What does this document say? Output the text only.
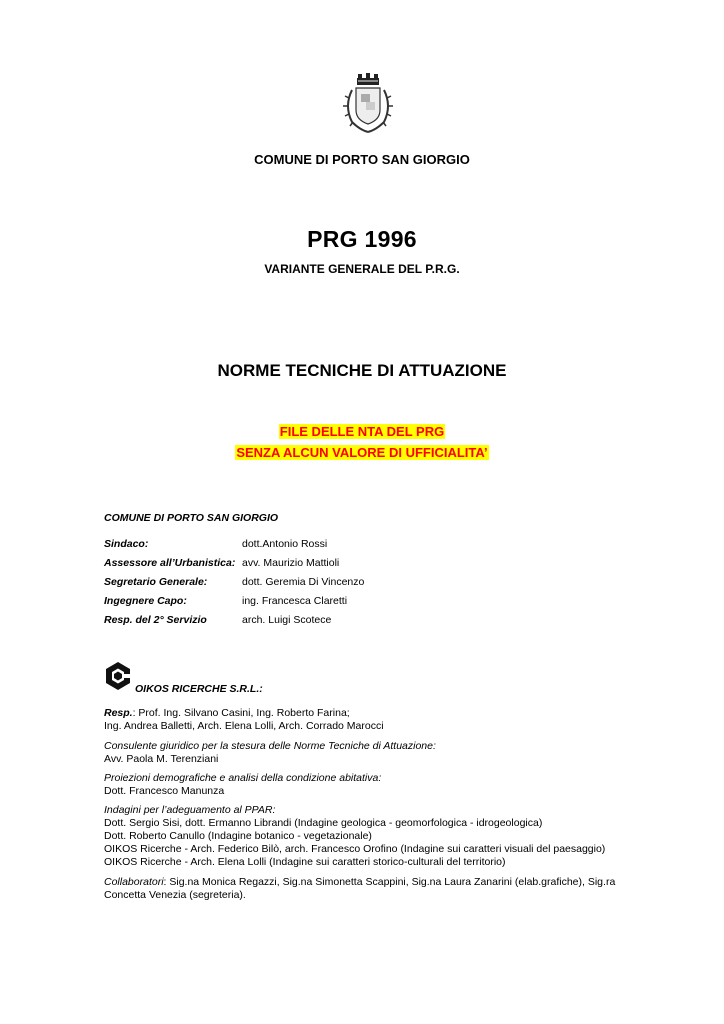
COMUNE DI PORTO SAN GIORGIO
PRG 1996
VARIANTE GENERALE DEL P.R.G.
NORME TECNICHE DI ATTUAZIONE
FILE DELLE NTA DEL PRG
SENZA ALCUN VALORE DI UFFICIALITA’
COMUNE DI PORTO SAN GIORGIO
Sindaco:	dott.Antonio Rossi
Assessore all’Urbanistica: avv. Maurizio Mattioli
Segretario Generale:	dott. Geremia Di Vincenzo
Ingegnere Capo:	ing. Francesca Claretti
Resp. del 2° Servizio	arch. Luigi Scotece
OIKOS RICERCHE S.R.L.:
Resp.: Prof. Ing. Silvano Casini, Ing. Roberto Farina;
Ing. Andrea Balletti, Arch. Elena Lolli, Arch. Corrado Marocci
Consulente giuridico per la stesura delle Norme Tecniche di Attuazione:
Avv. Paola M. Terenziani
Proiezioni demografiche e analisi della condizione abitativa:
Dott. Francesco Manunza
Indagini per l’adeguamento al PPAR:
Dott. Sergio Sisi, dott. Ermanno Librandi (Indagine geologica - geomorfologica - idrogeologica)
Dott. Roberto Canullo (Indagine botanico - vegetazionale)
OIKOS Ricerche - Arch. Federico Bilò, arch. Francesco Orofino (Indagine sui caratteri visuali del paesaggio)
OIKOS Ricerche - Arch. Elena Lolli (Indagine sui caratteri storico-culturali del territorio)
Collaboratori: Sig.na Monica Regazzi, Sig.na Simonetta Scappini, Sig.na Laura Zanarini (elab.grafiche), Sig.ra
Concetta Venezia (segreteria).
